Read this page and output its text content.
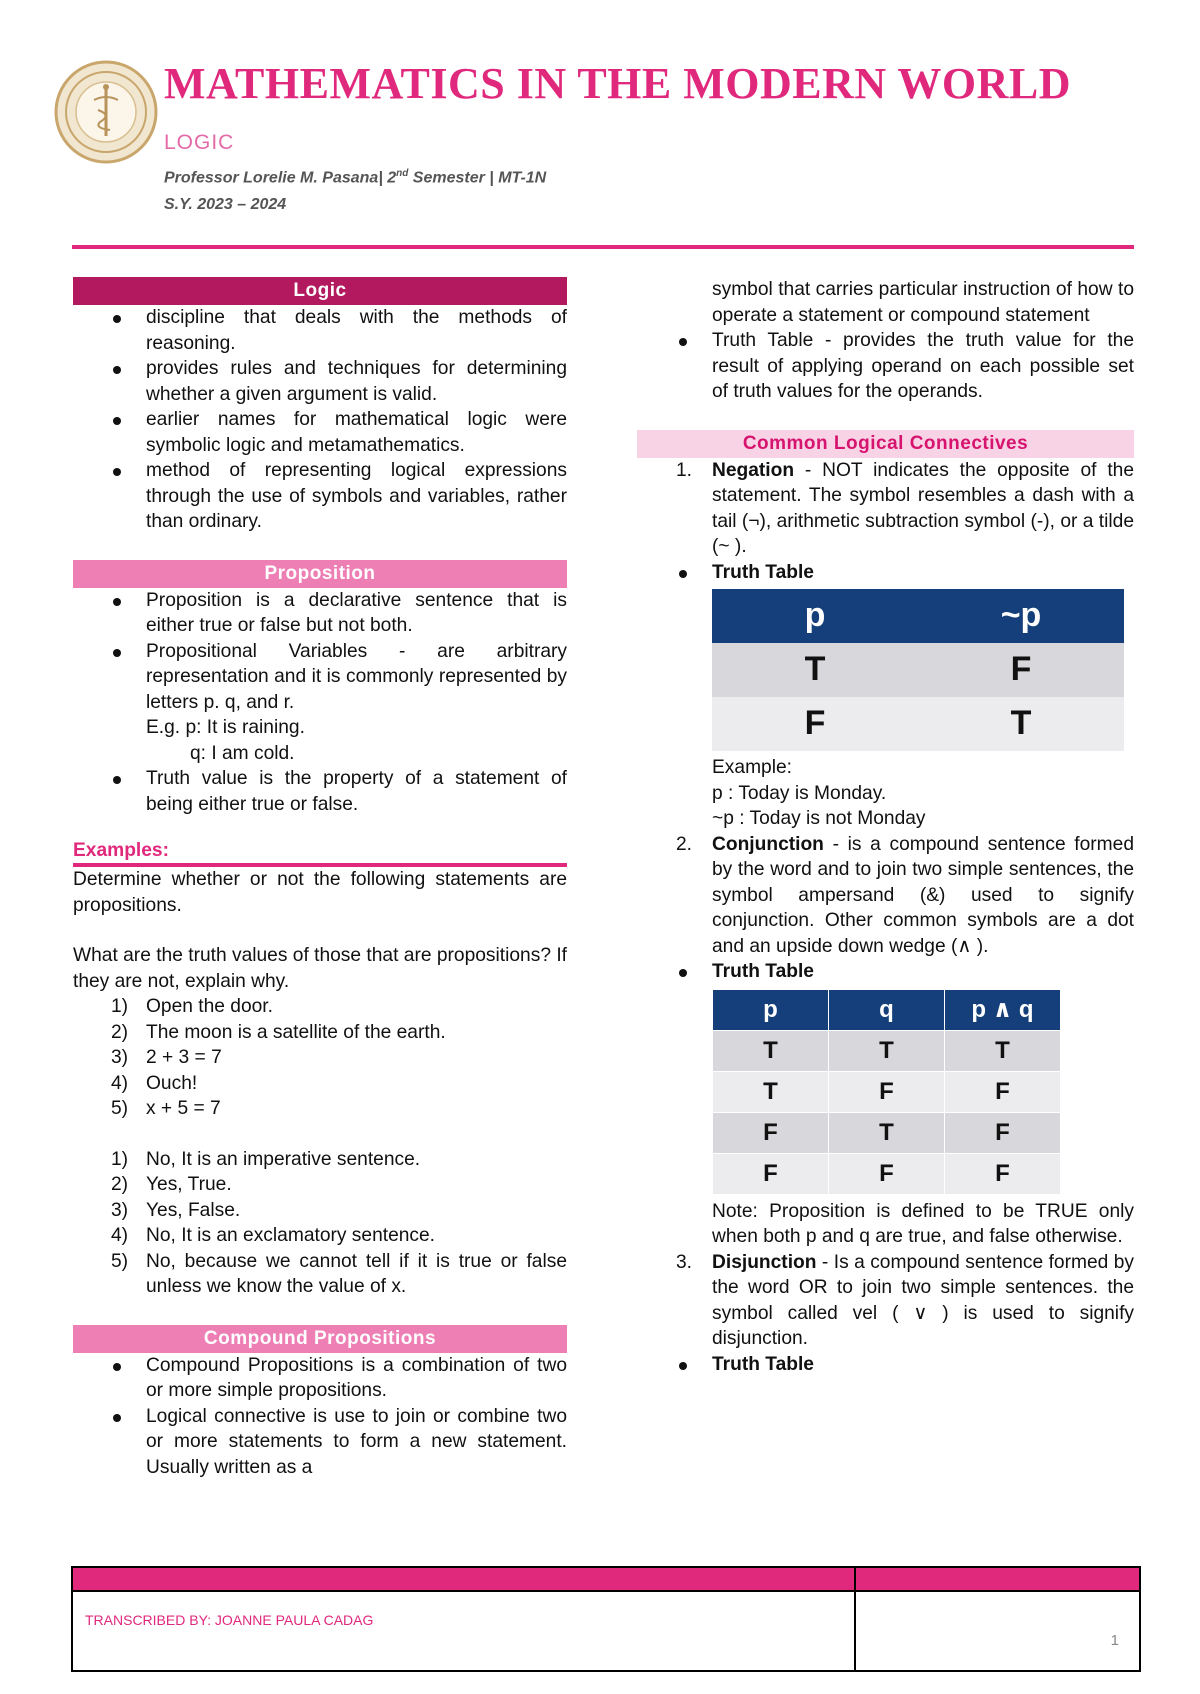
MATHEMATICS IN THE MODERN WORLD
LOGIC
Professor Lorelie M. Pasana| 2nd Semester | MT-1N
S.Y. 2023 – 2024
Logic
discipline that deals with the methods of reasoning.
provides rules and techniques for determining whether a given argument is valid.
earlier names for mathematical logic were symbolic logic and metamathematics.
method of representing logical expressions through the use of symbols and variables, rather than ordinary.
Proposition
Proposition is a declarative sentence that is either true or false but not both.
Propositional Variables - are arbitrary representation and it is commonly represented by letters p. q, and r.
E.g. p: It is raining.
q: I am cold.
Truth value is the property of a statement of being either true or false.
Examples:
Determine whether or not the following statements are propositions.
What are the truth values of those that are propositions? If they are not, explain why.
1) Open the door.
2) The moon is a satellite of the earth.
3) 2 + 3 = 7
4) Ouch!
5) x + 5 = 7
1) No, It is an imperative sentence.
2) Yes, True.
3) Yes, False.
4) No, It is an exclamatory sentence.
5) No, because we cannot tell if it is true or false unless we know the value of x.
Compound Propositions
Compound Propositions is a combination of two or more simple propositions.
Logical connective is use to join or combine two or more statements to form a new statement. Usually written as a
symbol that carries particular instruction of how to operate a statement or compound statement
Truth Table - provides the truth value for the result of applying operand on each possible set of truth values for the operands.
Common Logical Connectives
1. Negation - NOT indicates the opposite of the statement. The symbol resembles a dash with a tail (¬), arithmetic subtraction symbol (-), or a tilde (~ ).
Truth Table
p	~p
T	F
F	T
Example:
p : Today is Monday.
~p : Today is not Monday
2. Conjunction - is a compound sentence formed by the word and to join two simple sentences, the symbol ampersand (&) used to signify conjunction. Other common symbols are a dot and an upside down wedge (∧ ).
Truth Table
p	q	p ∧ q
T	T	T
T	F	F
F	T	F
F	F	F
Note: Proposition is defined to be TRUE only when both p and q are true, and false otherwise.
3. Disjunction - Is a compound sentence formed by the word OR to join two simple sentences. the symbol called vel ( ∨ ) is used to signify disjunction.
Truth Table
TRANSCRIBED BY: JOANNE PAULA CADAG
1
